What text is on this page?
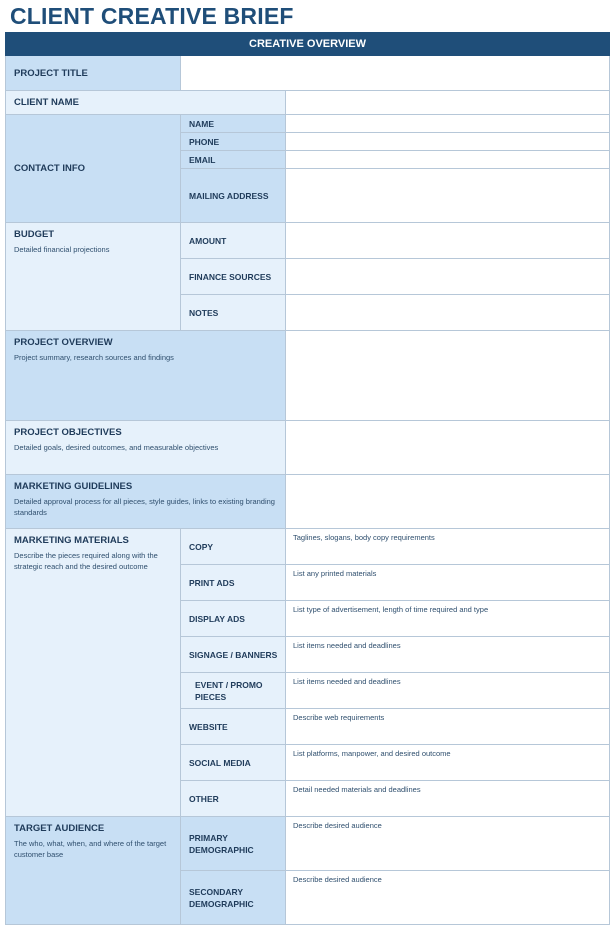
CLIENT CREATIVE BRIEF
CREATIVE OVERVIEW		
PROJECT TITLE		
CLIENT NAME		
CONTACT INFO	NAME	
	PHONE	
	EMAIL	
	MAILING ADDRESS	

BUDGET
Detailed financial projections	AMOUNT	
	FINANCE SOURCES	
	NOTES	

PROJECT OVERVIEW
Project summary, research sources and findings		

PROJECT OBJECTIVES
Detailed goals, desired outcomes, and measurable objectives		

MARKETING GUIDELINES
Detailed approval process for all pieces, style guides, links to existing branding standards		

MARKETING MATERIALS
Describe the pieces required along with the strategic reach and the desired outcome	COPY	Taglines, slogans, body copy requirements
	PRINT ADS	List any printed materials
	DISPLAY ADS	List type of advertisement, length of time required and type
	SIGNAGE / BANNERS	List items needed and deadlines
	EVENT / PROMO PIECES	List items needed and deadlines
	WEBSITE	Describe web requirements
	SOCIAL MEDIA	List platforms, manpower, and desired outcome
	OTHER	Detail needed materials and deadlines

TARGET AUDIENCE
The who, what, when, and where of the target customer base	PRIMARY DEMOGRAPHIC	Describe desired audience
	SECONDARY DEMOGRAPHIC	Describe desired audience
